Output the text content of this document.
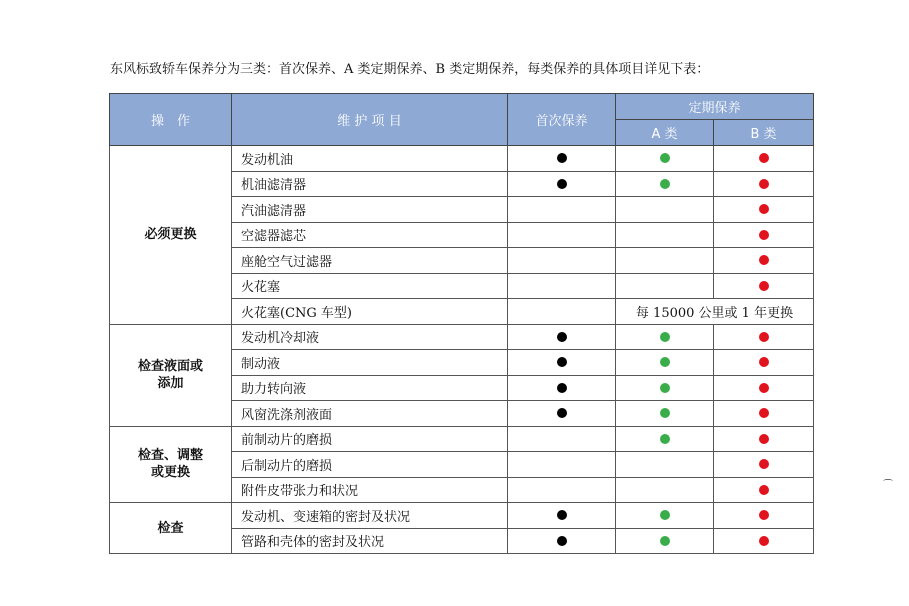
东风标致轿车保养分为三类：首次保养、A 类定期保养、B 类定期保养，每类保养的具体项目详见下表：
操　作	维 护 项 目	首次保养	定期保养	
			A 类	B 类
必须更换	发动机油			
	机油滤清器			
	汽油滤清器			
	空滤器滤芯			
	座舱空气过滤器			
	火花塞			
	火花塞(CNG 车型)		每 15000 公里或 1 年更换	
检查液面或
添加	发动机冷却液			
	制动液			
	助力转向液			
	风窗洗涤剂液面			
检查、调整
或更换	前制动片的磨损			
	后制动片的磨损			
	附件皮带张力和状况			
检查	发动机、变速箱的密封及状况			
	管路和壳体的密封及状况			
⌒
